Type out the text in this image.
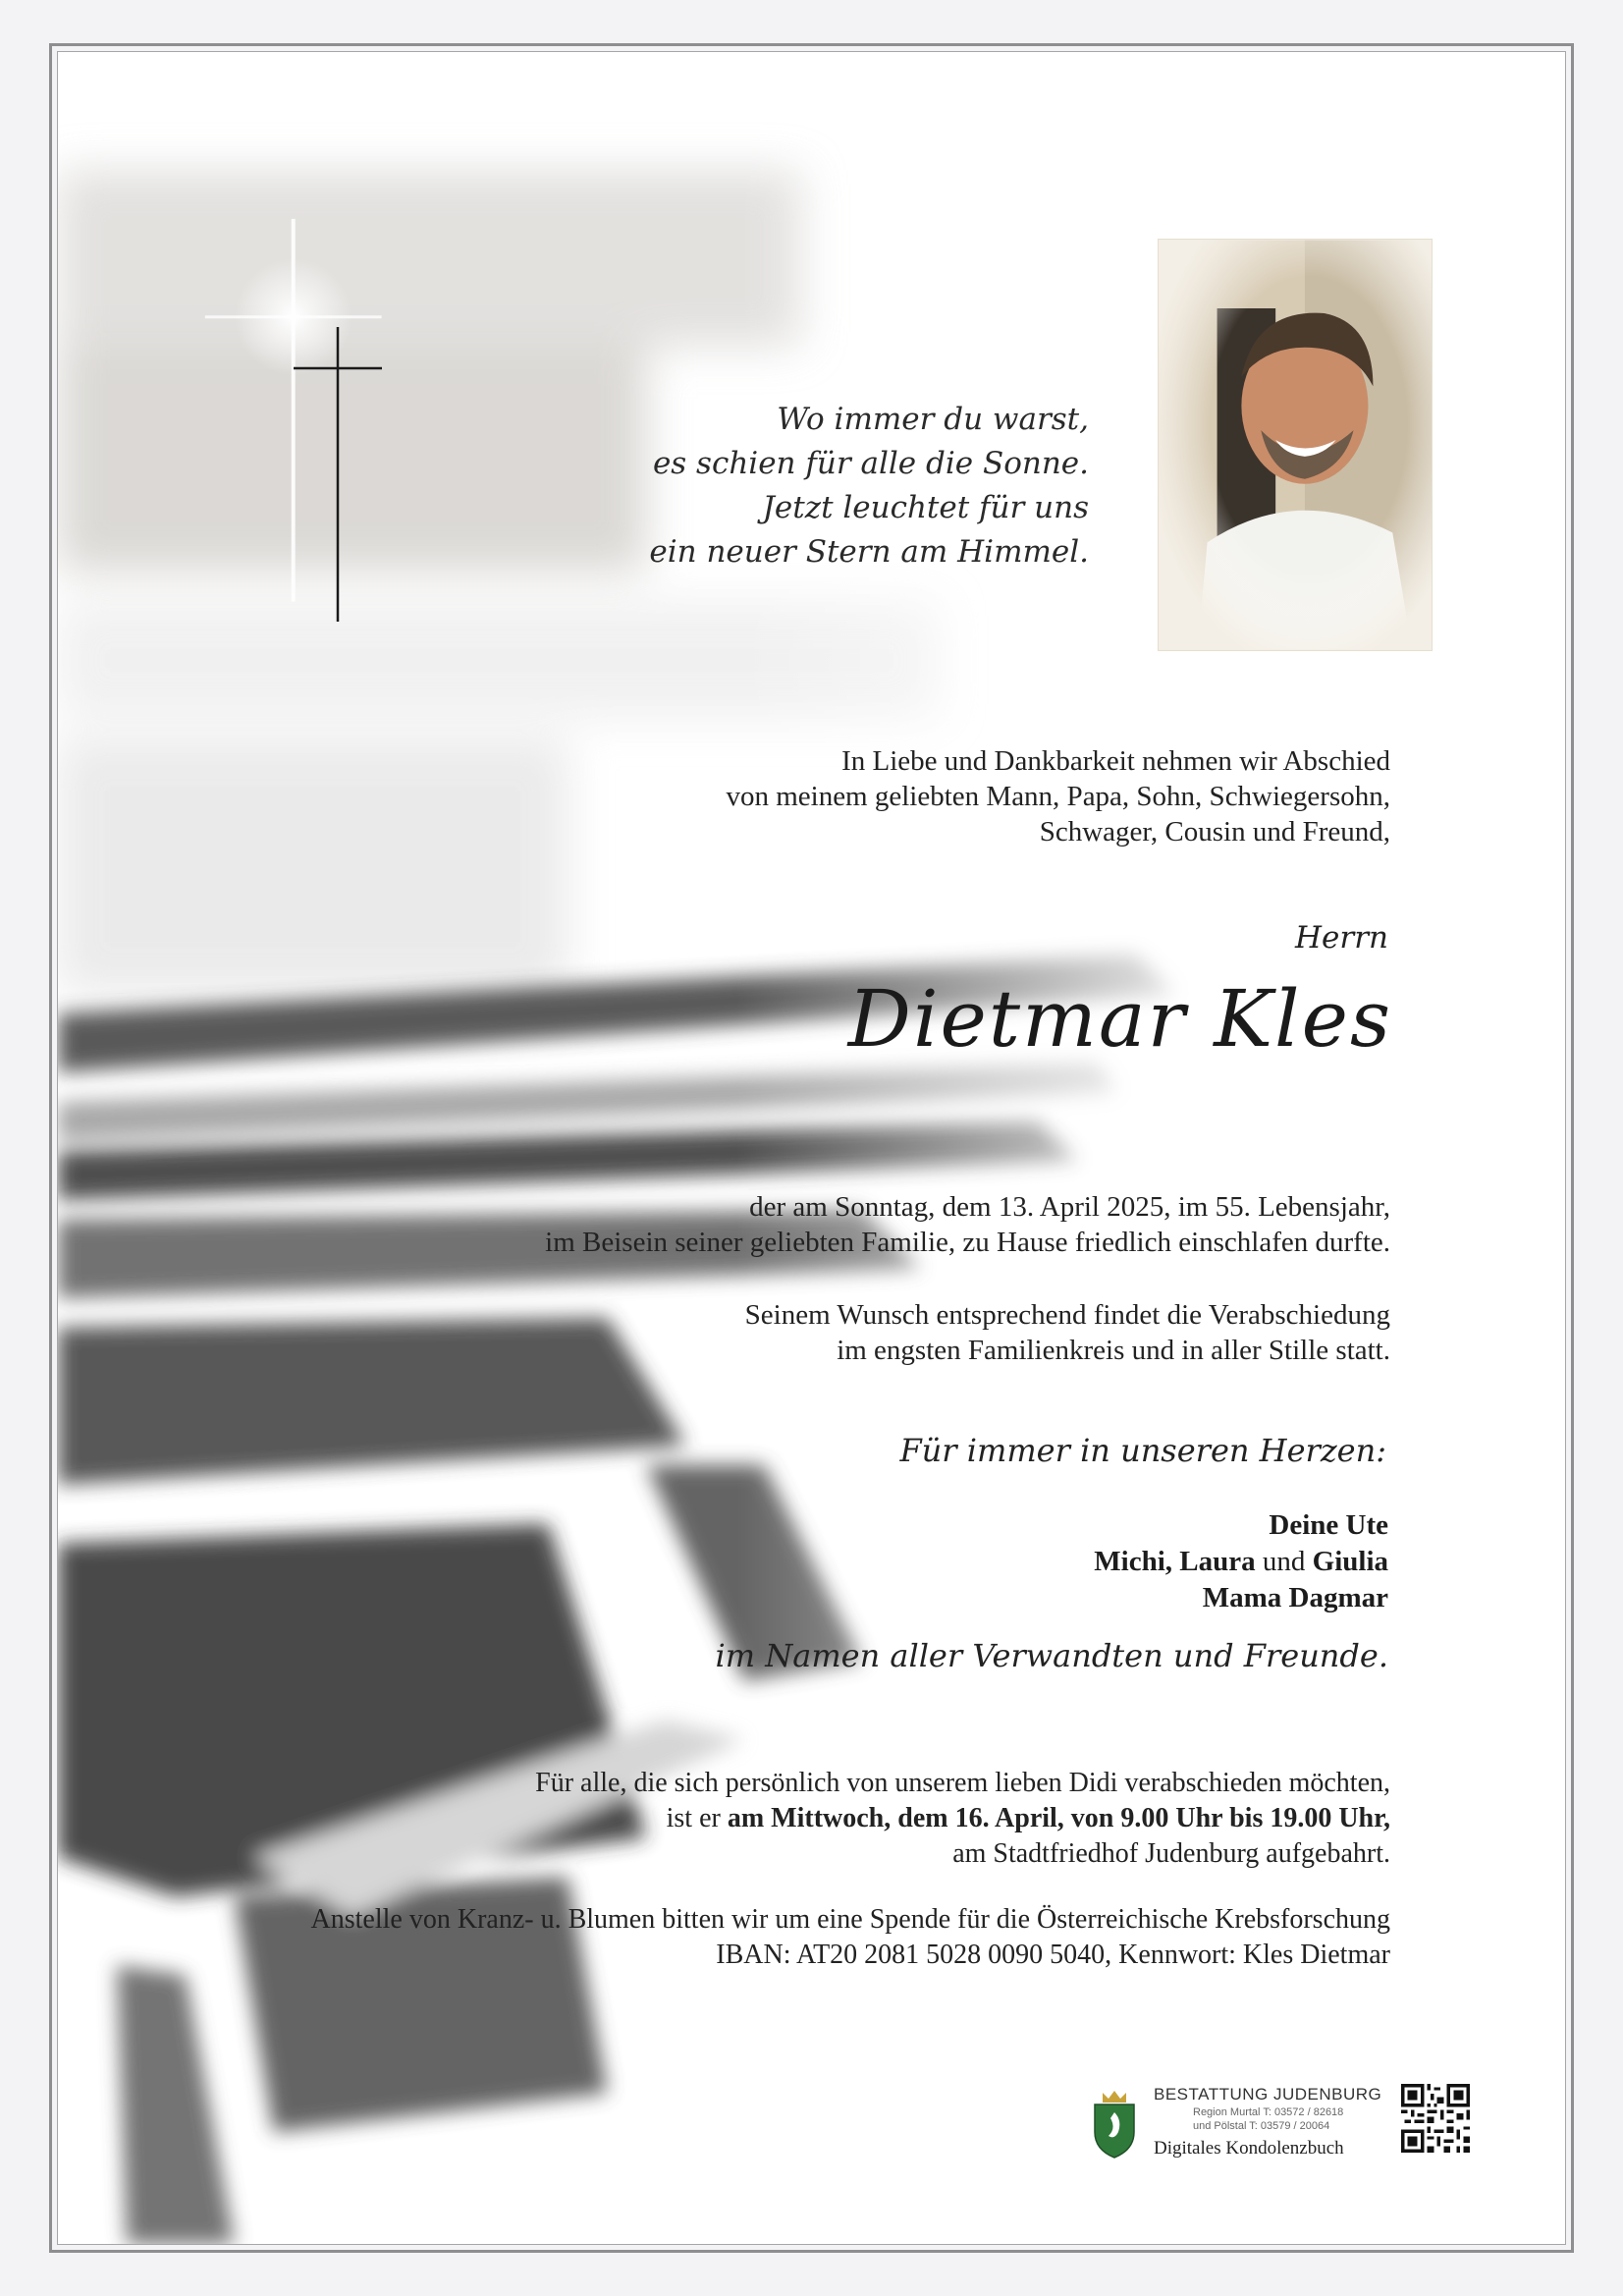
Wo immer du warst,
es schien für alle die Sonne.
Jetzt leuchtet für uns
ein neuer Stern am Himmel.
In Liebe und Dankbarkeit nehmen wir Abschied
von meinem geliebten Mann, Papa, Sohn, Schwiegersohn,
Schwager, Cousin und Freund,
Herrn
Dietmar Kles
der am Sonntag, dem 13. April 2025, im 55. Lebensjahr,
im Beisein seiner geliebten Familie, zu Hause friedlich einschlafen durfte.
Seinem Wunsch entsprechend findet die Verabschiedung
im engsten Familienkreis und in aller Stille statt.
Für immer in unseren Herzen:
Deine Ute
Michi, Laura und Giulia
Mama Dagmar
im Namen aller Verwandten und Freunde.
Für alle, die sich persönlich von unserem lieben Didi verabschieden möchten,
ist er am Mittwoch, dem 16. April, von 9.00 Uhr bis 19.00 Uhr,
am Stadtfriedhof Judenburg aufgebahrt.
Anstelle von Kranz- u. Blumen bitten wir um eine Spende für die Österreichische Krebsforschung
IBAN: AT20 2081 5028 0090 5040, Kennwort: Kles Dietmar
BESTATTUNG JUDENBURG
Region Murtal T: 03572 / 82618
und Pölstal T: 03579 / 20064
Digitales Kondolenzbuch
